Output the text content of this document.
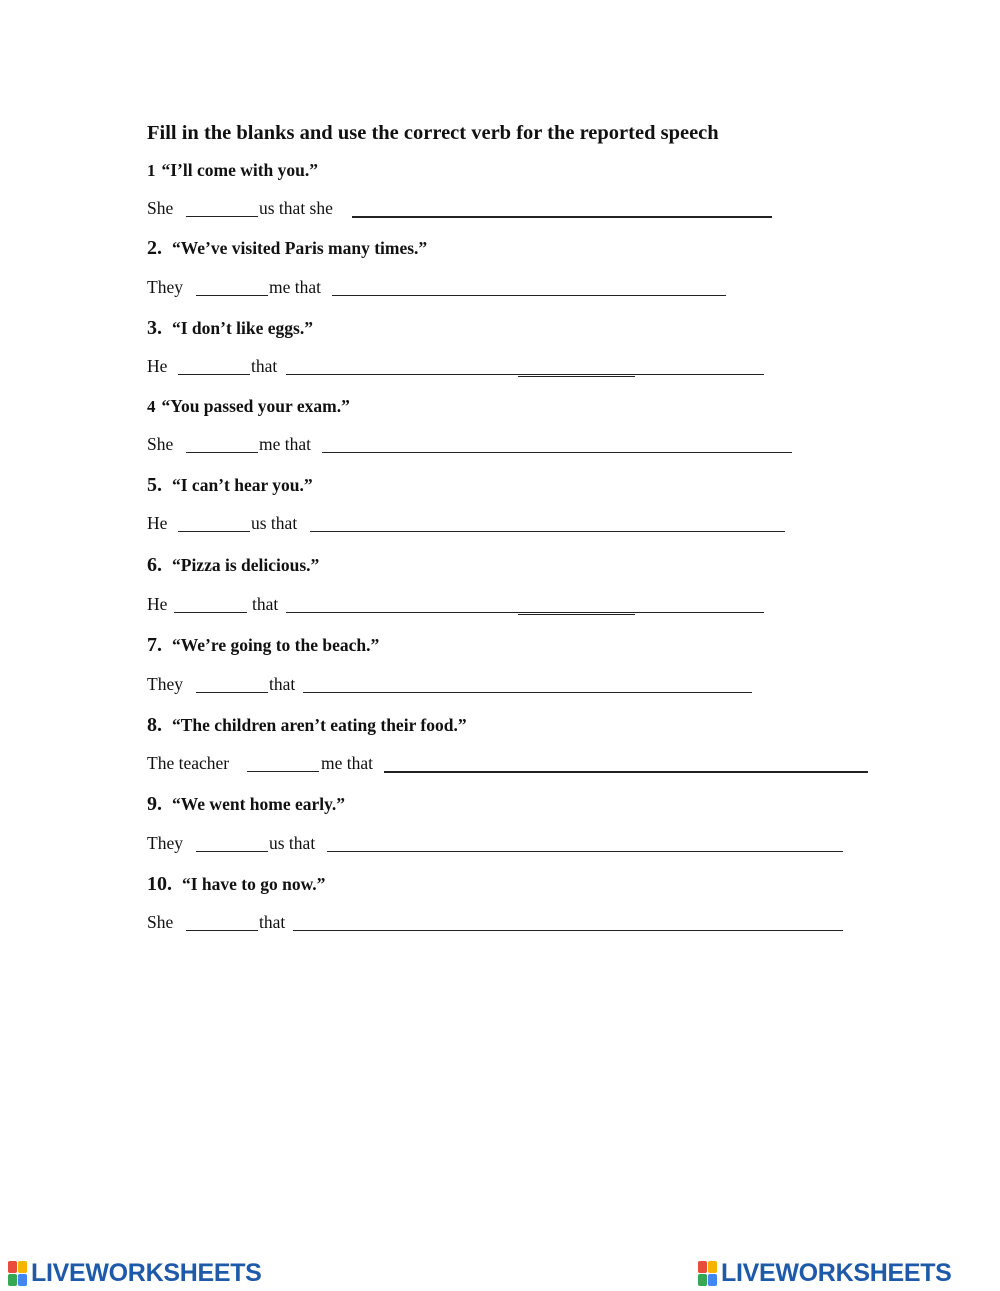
Fill in the blanks and use the correct verb for the reported speech
1 “I’ll come with you.”
She	us that she
2. “We’ve visited Paris many times.”
They	me that
3. “I don’t like eggs.”
He	that
4 “You passed your exam.”
She	me that
5. “I can’t hear you.”
He	us that
6. “Pizza is delicious.”
He	that
7. “We’re going to the beach.”
They	that
8. “The children aren’t eating their food.”
The teacher	me that
9. “We went home early.”
They	us that
10. “I have to go now.”
She	that
LIVEWORKSHEETS	LIVEWORKSHEETS
